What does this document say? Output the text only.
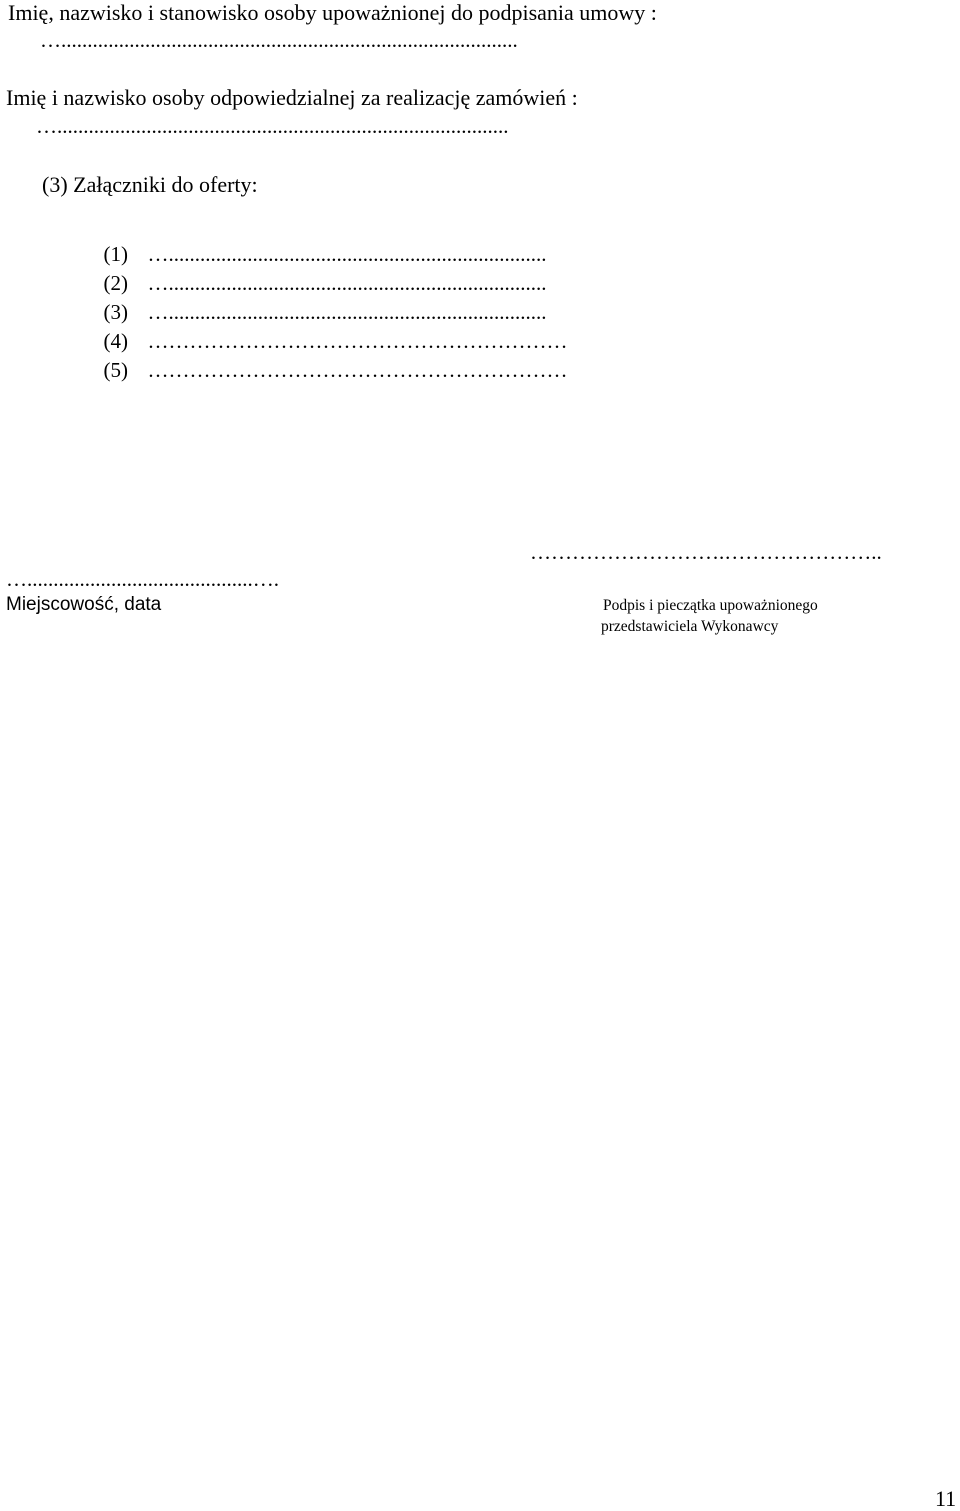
Imię, nazwisko i stanowisko osoby upoważnionej do podpisania umowy :
….......................................................................................
Imię i nazwisko osoby odpowiedzialnej za realizację zamówień :
…......................................................................................
(3) Załączniki do oferty:

(1) …........................................................................

(2) …........................................................................

(3) …........................................................................

(4) ……………………………………………………

(5) ……………………………………………………

……………………….…………………..
…...........................................….
Miejscowość, data	Podpis i pieczątka upoważnionego
przedstawiciela Wykonawcy
11
